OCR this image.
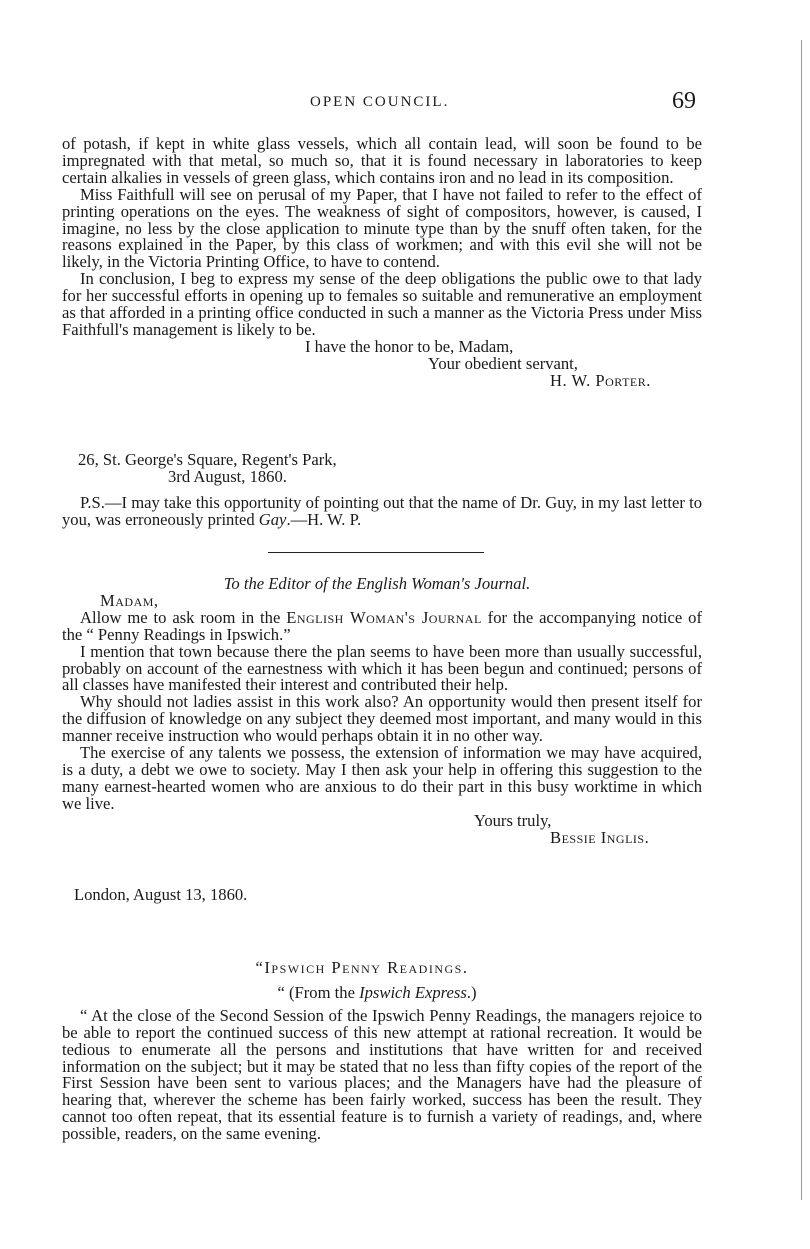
OPEN COUNCIL.	69

of potash, if kept in white glass vessels, which all contain lead, will soon be found to be impregnated with that metal, so much so, that it is found necessary in laboratories to keep certain alkalies in vessels of green glass, which contains iron and no lead in its composition.

Miss Faithfull will see on perusal of my Paper, that I have not failed to refer to the effect of printing operations on the eyes. The weakness of sight of compositors, however, is caused, I imagine, no less by the close application to minute type than by the snuff often taken, for the reasons explained in the Paper, by this class of workmen; and with this evil she will not be likely, in the Victoria Printing Office, to have to contend.

In conclusion, I beg to express my sense of the deep obligations the public owe to that lady for her successful efforts in opening up to females so suitable and remunerative an employment as that afforded in a printing office conducted in such a manner as the Victoria Press under Miss Faithfull's management is likely to be.

I have the honor to be, Madam,
Your obedient servant,
H. W. Porter.
26, St. George's Square, Regent's Park,
3rd August, 1860.

P.S.—I may take this opportunity of pointing out that the name of Dr. Guy, in my last letter to you, was erroneously printed Gay.—H. W. P.

To the Editor of the English Woman's Journal.
Madam,

Allow me to ask room in the English Woman's Journal for the accompanying notice of the “ Penny Readings in Ipswich.”

I mention that town because there the plan seems to have been more than usually successful, probably on account of the earnestness with which it has been begun and continued; persons of all classes have manifested their interest and contributed their help.

Why should not ladies assist in this work also? An opportunity would then present itself for the diffusion of knowledge on any subject they deemed most important, and many would in this manner receive instruction who would perhaps obtain it in no other way.

The exercise of any talents we possess, the extension of information we may have acquired, is a duty, a debt we owe to society. May I then ask your help in offering this suggestion to the many earnest-hearted women who are anxious to do their part in this busy worktime in which we live.

Yours truly,
Bessie Inglis.
London, August 13, 1860.
“Ipswich Penny Readings.
“ (From the Ipswich Express.)

“ At the close of the Second Session of the Ipswich Penny Readings, the managers rejoice to be able to report the continued success of this new attempt at rational recreation. It would be tedious to enumerate all the persons and institutions that have written for and received information on the subject; but it may be stated that no less than fifty copies of the report of the First Session have been sent to various places; and the Managers have had the pleasure of hearing that, wherever the scheme has been fairly worked, success has been the result. They cannot too often repeat, that its essential feature is to furnish a variety of readings, and, where possible, readers, on the same evening.
